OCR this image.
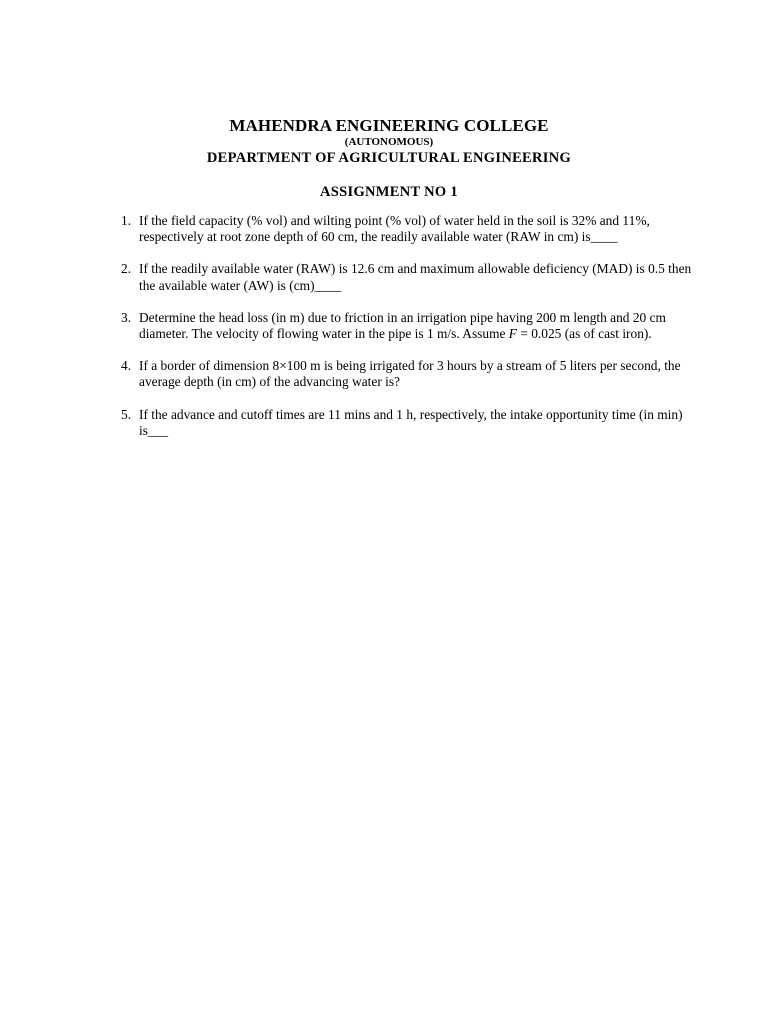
MAHENDRA ENGINEERING COLLEGE
(AUTONOMOUS)
DEPARTMENT OF AGRICULTURAL ENGINEERING
ASSIGNMENT NO 1
1. If the field capacity (% vol) and wilting point (% vol) of water held in the soil is 32% and 11%, respectively at root zone depth of 60 cm, the readily available water (RAW in cm) is____
2. If the readily available water (RAW) is 12.6 cm and maximum allowable deficiency (MAD) is 0.5 then the available water (AW) is (cm)____
3. Determine the head loss (in m) due to friction in an irrigation pipe having 200 m length and 20 cm diameter. The velocity of flowing water in the pipe is 1 m/s. Assume F = 0.025 (as of cast iron).
4. If a border of dimension 8×100 m is being irrigated for 3 hours by a stream of 5 liters per second, the average depth (in cm) of the advancing water is?
5. If the advance and cutoff times are 11 mins and 1 h, respectively, the intake opportunity time (in min) is___
